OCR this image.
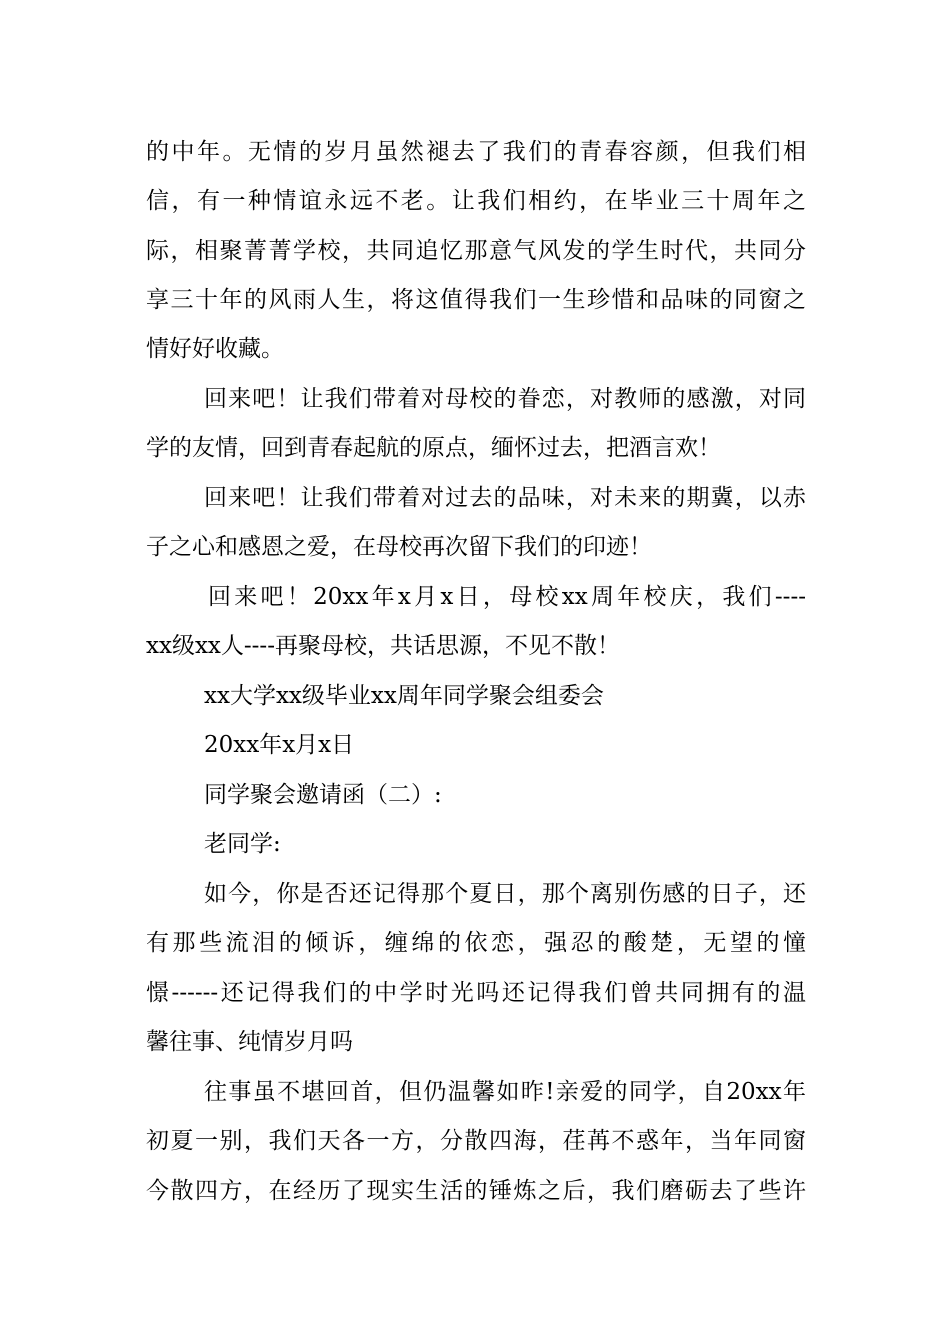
的中年。无情的岁月虽然褪去了我们的青春容颜，但我们相
信，有一种情谊永远不老。让我们相约，在毕业三十周年之
际，相聚菁菁学校，共同追忆那意气风发的学生时代，共同分
享三十年的风雨人生，将这值得我们一生珍惜和品味的同窗之
情好好收藏。
回来吧！让我们带着对母校的眷恋，对教师的感激，对同
学的友情，回到青春起航的原点，缅怀过去，把酒言欢！
回来吧！让我们带着对过去的品味，对未来的期冀，以赤
子之心和感恩之爱，在母校再次留下我们的印迹！
回来吧！20xx年x月x日，母校xx周年校庆，我们----
xx级xx人----再聚母校，共话思源，不见不散！
xx大学xx级毕业xx周年同学聚会组委会
20xx年x月x日
同学聚会邀请函（二）:
老同学:
如今，你是否还记得那个夏日，那个离别伤感的日子，还
有那些流泪的倾诉，缠绵的依恋，强忍的酸楚，无望的憧
憬------还记得我们的中学时光吗还记得我们曾共同拥有的温
馨往事、纯情岁月吗
往事虽不堪回首，但仍温馨如昨!亲爱的同学，自20xx年
初夏一别，我们天各一方，分散四海，荏苒不惑年，当年同窗
今散四方，在经历了现实生活的锤炼之后，我们磨砺去了些许
